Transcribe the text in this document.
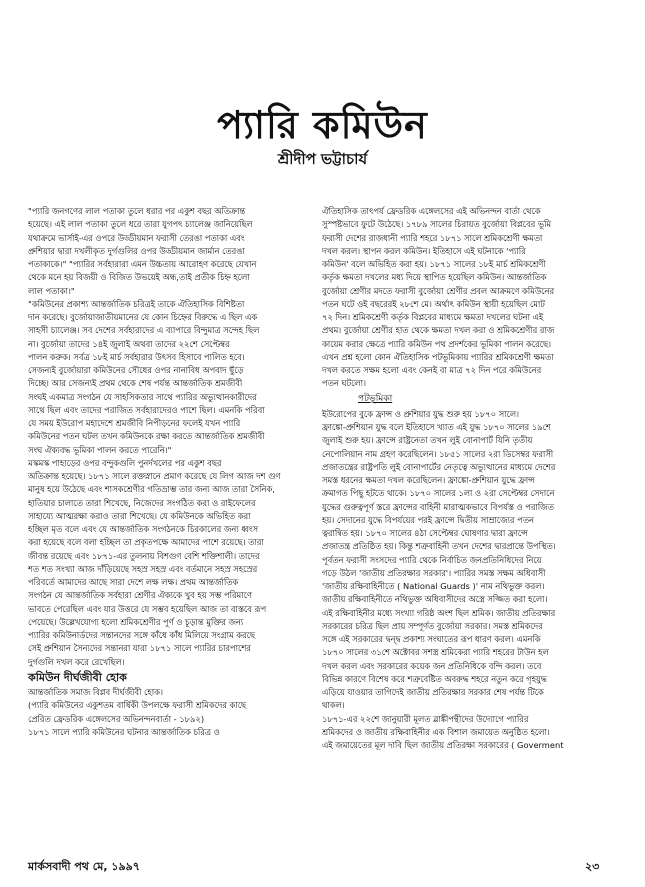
প্যারি কমিউন
শ্রীদীপ ভট্টাচার্য
"প্যারি জনগণের লাল পতাকা তুলে ধরার পর একুশ বছর অতিক্রান্ত
হয়েছে। এই লাল পতাকা তুলে ধরে তারা যুগপৎ চ্যালেঞ্জ জানিয়েছিল
যথাক্রমে ভার্সাই-এর ওপরে উড্ডীয়মান ফরাসী তেরঙা পতাকা এবং
প্রুশিয়ার দ্বারা দখলীকৃত দুর্গগুলির ওপর উড্ডীয়মান জার্মান তেরঙা
পতাকাকে।" "প্যারির সর্বহারারা এমন উচ্চতায় আরোহণ করেছে যেখান
থেকে মনে হয় বিজয়ী ও বিজিত উভয়েই অন্ধ,তাই প্রতীক চিহ্ন হলো
লাল পতাকা।"
"কমিউনের প্রকাশ্য আন্তর্জাতিক চরিত্রই তাকে ঐতিহাসিক বিশিষ্টতা
দান করেছে। বুর্জোয়াজাতীয়মানের যে কোন চিহ্নের বিরুদ্ধে এ ছিল এক
সাহসী চ্যালেঞ্জ। সব দেশের সর্বহারাদের এ ব্যাপারে বিন্দুমাত্র সন্দেহ ছিল
না। বুর্জোয়া তাদের ১৪ই জুলাই অথবা তাদের ২২শে সেপ্টেম্বর
পালন করুক। সর্বত্র ১৮ই মার্চ সর্বহারার উৎসব হিসাবে পালিত হবে।
সেজন্যই বুর্জোয়ারা কমিউনের সৌধের ওপর নানাবিধ অপবাদ ছুঁড়ে
দিচ্ছে। আর সেজন্যই প্রথম থেকে শেষ পর্যন্ত আন্তর্জাতিক শ্রমজীবী
সংঘই একমাত্র সংগঠন যে সাহসিকতার সাথে প্যারির অভ্যুত্থানকারীদের
সাথে ছিল এবং তাদের পরাজিত সর্বহারাদেরও পাশে ছিল। এমনকি পরিবা
যে সময় ইউরোপ মহাদেশে শ্রমজীবি নিপীড়নের ফলেই যখন প্যারি
কমিউনের পতন ঘটল তখন কমিউনকে রক্ষা করতে আন্তর্জাতিক শ্রমজীবী
সংঘ ঐক্যবদ্ধ ভূমিকা পালন করতে পারেনি।"
মস্কমস্ক পাহাড়ের ওপর বন্দুকগুলি পুনর্দখলের পর একুশ বছর
অতিক্রান্ত হয়েছে। ১৮৭১ সালে রক্তস্নানে প্রমাণ করেছে যে লিগ আজ দশ গুণ
মানুষ হয়ে উঠেছে এবং শাসকশ্রেণীর গতিভ্রাম্ভ তার জন্য আজ তারা সৈনিক,
হাতিয়ার চালাতে তারা শিখেছে, নিজেদের সংগঠিত করা ও রাইফেলের
সাহায্যে আত্মরক্ষা করাও তারা শিখেছে। যে কমিউনকে অভিহিত করা
হচ্ছিল মৃত বলে এবং যে আন্তর্জাতিক সংগঠনকে চিরকালের জন্য ধ্বংস
করা হয়েছে বলে বলা হচ্ছিল তা প্রকৃতপক্ষে আমাদের পাশে রয়েছে। তারা
জীবন্ত রয়েছে এবং ১৮৭১-এর তুলনায় বিশগুণ বেশি শক্তিশালী। তাদের
শত শত সংখ্যা আজ দাঁড়িয়েছে সহস্র সহস্র এবং বর্তমানে সহস্র সহস্রের
পরিবর্তে আমাদের আছে সারা দেশে লক্ষ লক্ষ। প্রথম আন্তর্জাতিক
সংগঠন যে আন্তর্জাতিক সর্বহারা শ্রেণীর ঐক্যকে খুব হয় সম্ভ পরিমাণে
ভাবতে পেরেছিল এবং যার উত্তরে যে সম্ভব হয়েছিল আজ তা বাস্তবে রূপ
পেয়েছে। উল্লেখযোগ্য হলো শ্রমিকশ্রেণীর পূর্ণ ও চূড়ান্ত মুক্তির জন্য
প্যারির কমিউনার্ডদের সন্তানদের সঙ্গে কাঁধে কাঁধ মিলিয়ে সংগ্রাম করছে
সেই প্রুশিয়ান সৈন্যদের সন্তানরা যারা ১৮৭১ সালে প্যারির চারপাশের
দুর্গগুলি দখল করে রেখেছিল।
কমিউন দীর্ঘজীবী হোক
আন্তর্জাতিক সমাজ বিপ্লব দীর্ঘজীবী হোক।
(প্যারি কমিউনের একুশতম বার্ষিকী উপলক্ষে ফরাসী শ্রমিকদের কাছে
প্রেরিত ফ্রেডরিক এঙ্গেলসের অভিনন্দনবার্তা - ১৮৯২)
১৮৭১ সালে প্যারি কমিউনের ঘটনার আন্তর্জাতিক চরিত্র ও
ঐতিহাসিক তাৎপর্য ফ্রেডরিক এঙ্গেলসের এই অভিনন্দন বার্তা থেকে
সুস্পষ্টভাবে ফুটে উঠেছে। ১৭৮৯ সালের চিরায়ত বুর্জোয়া বিপ্লবের ভূমি
ফরাসী দেশের রাজধানী প্যারি শহরে ১৮৭১ সালে শ্রমিকশ্রেণী ক্ষমতা
দখল করল। স্থাপন করল কমিউন। ইতিহাসে এই ঘটনাকে 'প্যারি
কমিউন' বলে অভিহিত করা হয়। ১৮৭১ সালের ১৮ই মার্চ শ্রমিকশ্রেণী
কর্তৃক ক্ষমতা দখলের মধ্য দিয়ে স্থাপিত হয়েছিল কমিউন। আন্তর্জাতিক
বুর্জোয়া শ্রেণীর মদতে ফরাসী বুর্জোয়া শ্রেণীর প্রবল আক্রমণে কমিউনের
পতন ঘটে ওই বছরেরই ২৮শে মে। অর্থাৎ কমিউন স্থায়ী হয়েছিল মোট
৭২ দিন। শ্রমিকশ্রেণী কর্তৃক বিপ্লবের মাধ্যমে ক্ষমতা দখলের ঘটনা এই
প্রথম। বুর্জোয়া শ্রেণীর হাত থেকে ক্ষমতা দখল করা ও শ্রমিকশ্রেণীর রাজ
কায়েম করার ক্ষেত্রে প্যারি কমিউন পথ প্রদর্শকের ভূমিকা পালন করেছে।
এখন প্রশ্ন হলো কোন ঐতিহাসিক পটভূমিকায় প্যারির শ্রমিকশ্রেণী ক্ষমতা
দখল করতে সক্ষম হলো এবং কেনই বা মাত্র ৭২ দিন পরে কমিউনের
পতন ঘটলো।
পটভূমিকা
ইউরোপের বুকে ফ্রান্স ও প্রুশিয়ার যুদ্ধ শুরু হয় ১৮৭০ সালে।
ফ্রাঙ্কো-প্রুশিয়ান যুদ্ধ বলে ইতিহাসে খ্যাত এই যুদ্ধ ১৮৭০ সালের ১৯শে
জুলাই শুরু হয়। ফ্রান্সে রাষ্ট্রনেতা তখন লুই বোনাপার্ট যিনি তৃতীয়
নেপোলিয়ান নাম গ্রহণ করেছিলেন। ১৮৫১ সালের ২রা ডিসেম্বর ফরাসী
প্রজাতন্ত্রের রাষ্ট্রপতি লুই বোনাপার্টের নেতৃত্বে অভ্যুত্থানের মাধ্যমে দেশের
সমস্ত ধরনের ক্ষমতা দখল করেছিলেন। ফ্রাঙ্কো-প্রুশিয়ান যুদ্ধে ফ্রান্স
ক্রমাগত পিছু হটতে থাকে। ১৮৭০ সালের ১লা ও ২রা সেপ্টেম্বর সেদানে
যুদ্ধের গুরুত্বপূর্ণ স্তরে ফ্রান্সের বাহিনী মারাত্মকভাবে বিপর্যস্ত ও পরাজিত
হয়। সেদানের যুদ্ধে বিপর্যয়ের পরই ফ্রান্সে দ্বিতীয় সাম্রাজ্যের পতন
ত্বরান্বিত হয়। ১৮৭০ সালের ৪ঠা সেপ্টেম্বর ঘোষণার দ্বারা ফ্রান্সে
প্রজাতন্ত্র প্রতিষ্ঠিত হয়। কিন্তু শত্রুবাহিনী তখন দেশের দ্বারপ্রান্তে উপস্থিত।
পূর্বতন ফরাসী সংসদের প্যারি থেকে নির্বাচিত জনপ্রতিনিধিদের নিয়ে
গড়ে উঠল 'জাতীয় প্রতিরক্ষার সরকার'। প্যারির সমস্ত সক্ষম অধিবাসী
'জাতীয় রক্ষিবাহিনীতে ( National Guards )' নাম নথিভুক্ত করল।
জাতীয় রক্ষিবাহিনীতে নথিভুক্ত অধিবাসীদের অস্ত্রে সজ্জিত করা হলো।
এই রক্ষিবাহিনীর মধ্যে সংখ্যা গরিষ্ঠ অংশ ছিল শ্রমিক। জাতীয় প্রতিরক্ষার
সরকারের চরিত্র ছিল প্রায় সম্পূর্ণত বুর্জোয়া সরকার। সমস্ত শ্রমিকদের
সঙ্গে এই সরকারের দ্বন্দ্ব প্রকাশ্য সংঘাতের রূপ ধারণ করল। এমনকি
১৮৭০ সালের ৩১শে অক্টোবর সশস্ত্র শ্রমিকেরা প্যারি শহরের টাউন হল
দখল করল এবং সরকারের কয়েক জন প্রতিনিধিকে বন্দি করল। তবে
বিভিন্ন কারণে বিশেষ করে শত্রুবেষ্টিত অবরুদ্ধ শহরে নতুন করে গৃহযুদ্ধ
এড়িয়ে যাওয়ার তাগিদেই জাতীয় প্রতিরক্ষার সরকার শেষ পর্যন্ত টিকে
থাকল।
১৮৭১-এর ২২শে জানুয়ারী মূলত ব্লাঙ্কীপন্থীদের উদ্যোগে প্যারির
শ্রমিকদের ও জাতীয় রক্ষিবাহিনীর এক বিশাল জমায়েত অনুষ্ঠিত হলো।
এই জমায়েতের মূল দাবি ছিল জাতীয় প্রতিরক্ষা সরকারের ( Goverment
মার্কসবাদী পথ মে, ১৯৯৭	২৩
